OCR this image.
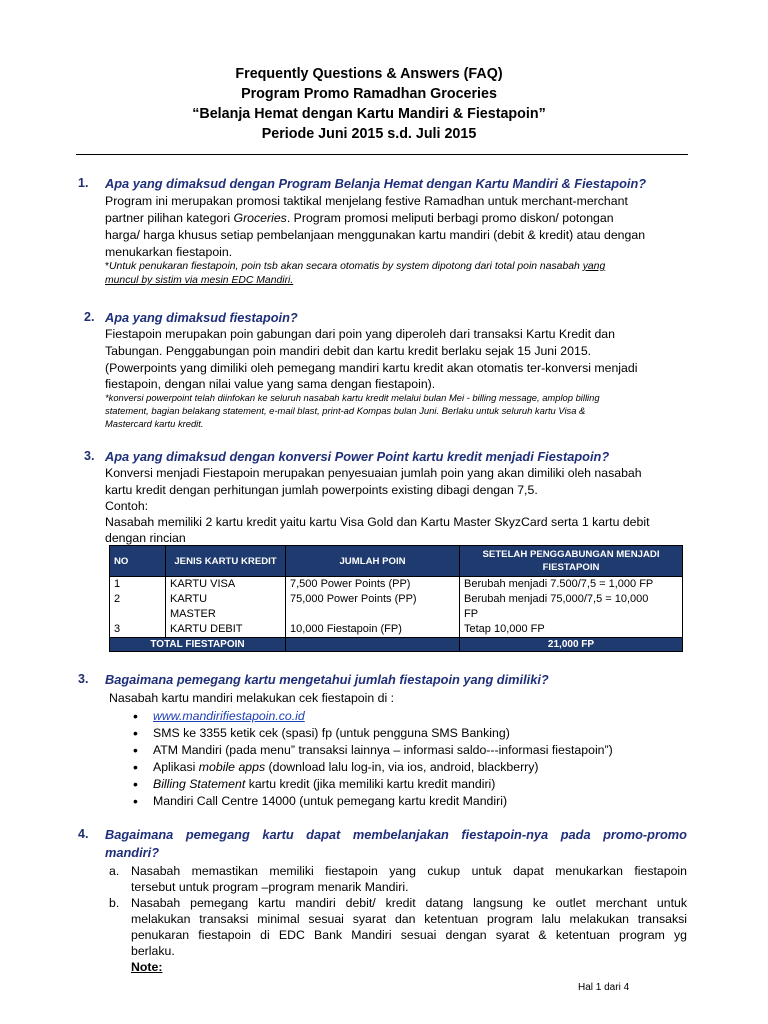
Frequently Questions & Answers (FAQ)
Program Promo Ramadhan Groceries
“Belanja Hemat dengan Kartu Mandiri & Fiestapoin”
Periode Juni 2015 s.d. Juli 2015
1. Apa yang dimaksud dengan Program Belanja Hemat dengan Kartu Mandiri & Fiestapoin?
Program ini merupakan promosi taktikal menjelang festive Ramadhan untuk merchant-merchant
partner pilihan kategori Groceries. Program promosi meliputi berbagi promo diskon/ potongan
harga/ harga khusus setiap pembelanjaan menggunakan kartu mandiri (debit & kredit) atau dengan
menukarkan fiestapoin.
*Untuk penukaran fiestapoin, poin tsb akan secara otomatis by system dipotong dari total poin nasabah yang
muncul by sistim via mesin EDC Mandiri.
2. Apa yang dimaksud fiestapoin?
Fiestapoin merupakan poin gabungan dari poin yang diperoleh dari transaksi Kartu Kredit dan
Tabungan. Penggabungan poin mandiri debit dan kartu kredit berlaku sejak 15 Juni 2015.
(Powerpoints yang dimiliki oleh pemegang mandiri kartu kredit akan otomatis ter-konversi menjadi
fiestapoin, dengan nilai value yang sama dengan fiestapoin).
*konversi powerpoint telah diinfokan ke seluruh nasabah kartu kredit melalui bulan Mei - billing message, amplop billing
statement, bagian belakang statement, e-mail blast, print-ad Kompas bulan Juni. Berlaku untuk seluruh kartu Visa &
Mastercard kartu kredit.
3. Apa yang dimaksud dengan konversi Power Point kartu kredit menjadi Fiestapoin?
Konversi menjadi Fiestapoin merupakan penyesuaian jumlah poin yang akan dimiliki oleh nasabah
kartu kredit dengan perhitungan jumlah powerpoints existing dibagi dengan 7,5.
Contoh:
Nasabah memiliki 2 kartu kredit yaitu kartu Visa Gold dan Kartu Master SkyzCard serta 1 kartu debit
dengan rincian
NO	JENIS KARTU KREDIT	JUMLAH POIN	SETELAH PENGGABUNGAN MENJADI FIESTAPOIN
1	KARTU VISA	7,500 Power Points (PP)	Berubah menjadi 7.500/7,5 = 1,000 FP
2	KARTU	75,000 Power Points (PP)	Berubah menjadi 75,000/7,5 = 10,000
	MASTER		FP
3	KARTU DEBIT	10,000 Fiestapoin (FP)	Tetap 10,000 FP
TOTAL FIESTAPOIN			21,000 FP
3. Bagaimana pemegang kartu mengetahui jumlah fiestapoin yang dimiliki?
Nasabah kartu mandiri melakukan cek fiestapoin di :
• www.mandirifiestapoin.co.id
• SMS ke 3355 ketik cek (spasi) fp (untuk pengguna SMS Banking)
• ATM Mandiri (pada menu” transaksi lainnya – informasi saldo---informasi fiestapoin”)
• Aplikasi mobile apps (download lalu log-in, via ios, android, blackberry)
• Billing Statement kartu kredit (jika memiliki kartu kredit mandiri)
• Mandiri Call Centre 14000 (untuk pemegang kartu kredit Mandiri)
4. Bagaimana pemegang kartu dapat membelanjakan fiestapoin-nya pada promo-promo
mandiri?
a. Nasabah memastikan memiliki fiestapoin yang cukup untuk dapat menukarkan fiestapoin
tersebut untuk program –program menarik Mandiri.
b. Nasabah pemegang kartu mandiri debit/ kredit datang langsung ke outlet merchant untuk
melakukan transaksi minimal sesuai syarat dan ketentuan program lalu melakukan transaksi
penukaran fiestapoin di EDC Bank Mandiri sesuai dengan syarat & ketentuan program yg
berlaku.
Note:
Hal 1 dari 4
